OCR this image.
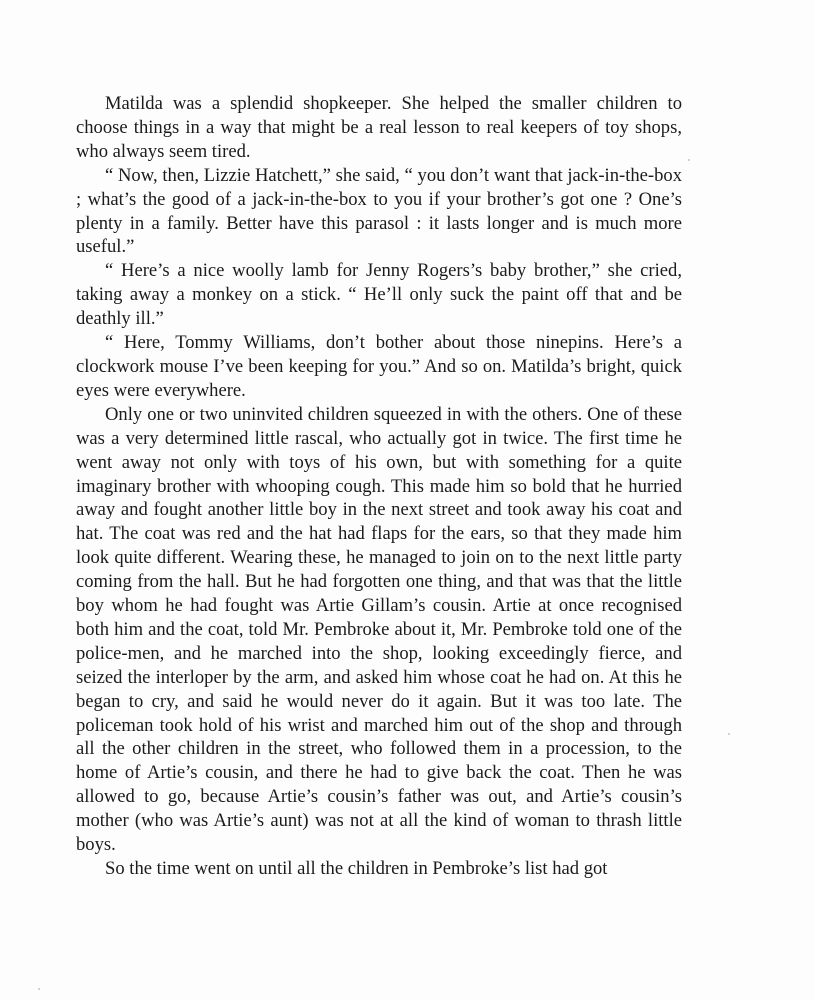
Matilda was a splendid shopkeeper. She helped the smaller children to choose things in a way that might be a real lesson to real keepers of toy shops, who always seem tired.

“ Now, then, Lizzie Hatchett,” she said, “ you don’t want that jack-in-the-box ; what’s the good of a jack-in-the-box to you if your brother’s got one ? One’s plenty in a family. Better have this parasol : it lasts longer and is much more useful.”

“ Here’s a nice woolly lamb for Jenny Rogers’s baby brother,” she cried, taking away a monkey on a stick. “ He’ll only suck the paint off that and be deathly ill.”

“ Here, Tommy Williams, don’t bother about those ninepins. Here’s a clockwork mouse I’ve been keeping for you.” And so on. Matilda’s bright, quick eyes were everywhere.

Only one or two uninvited children squeezed in with the others. One of these was a very determined little rascal, who actually got in twice. The first time he went away not only with toys of his own, but with something for a quite imaginary brother with whooping cough. This made him so bold that he hurried away and fought another little boy in the next street and took away his coat and hat. The coat was red and the hat had flaps for the ears, so that they made him look quite different. Wearing these, he managed to join on to the next little party coming from the hall. But he had forgotten one thing, and that was that the little boy whom he had fought was Artie Gillam’s cousin. Artie at once recognised both him and the coat, told Mr. Pembroke about it, Mr. Pembroke told one of the police-men, and he marched into the shop, looking exceedingly fierce, and seized the interloper by the arm, and asked him whose coat he had on. At this he began to cry, and said he would never do it again. But it was too late. The policeman took hold of his wrist and marched him out of the shop and through all the other children in the street, who followed them in a procession, to the home of Artie’s cousin, and there he had to give back the coat. Then he was allowed to go, because Artie’s cousin’s father was out, and Artie’s cousin’s mother (who was Artie’s aunt) was not at all the kind of woman to thrash little boys.

So the time went on until all the children in Pembroke’s list had got
